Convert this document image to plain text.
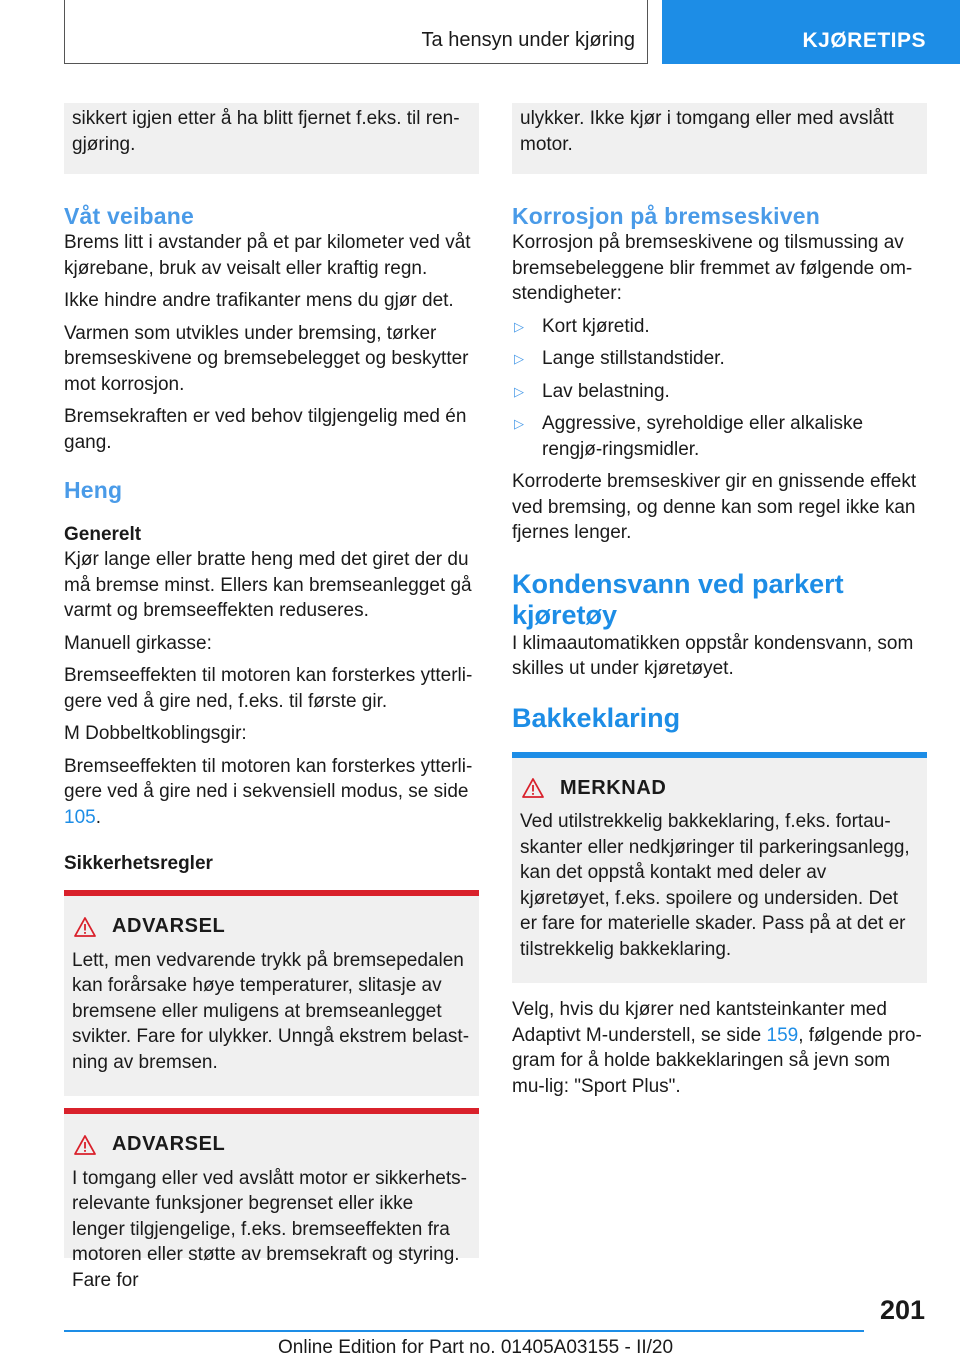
Ta hensyn under kjøring	KJØRETIPS

sikkert igjen etter å ha blitt fjernet f.eks. til ren-gjøring.

Våt veibane

Brems litt i avstander på et par kilometer ved våt kjørebane, bruk av veisalt eller kraftig regn.

Ikke hindre andre trafikanter mens du gjør det.

Varmen som utvikles under bremsing, tørker bremseskivene og bremsebelegget og beskytter mot korrosjon.

Bremsekraften er ved behov tilgjengelig med én gang.

Heng
Generelt

Kjør lange eller bratte heng med det giret der du må bremse minst. Ellers kan bremseanlegget gå varmt og bremseeffekten reduseres.

Manuell girkasse:

Bremseeffekten til motoren kan forsterkes ytterli-gere ved å gire ned, f.eks. til første gir.

M Dobbeltkoblingsgir:

Bremseeffekten til motoren kan forsterkes ytterli-gere ved å gire ned i sekvensiell modus, se side 105.

Sikkerhetsregler
ADVARSEL

Lett, men vedvarende trykk på bremsepedalen kan forårsake høye temperaturer, slitasje av bremsene eller muligens at bremseanlegget svikter. Fare for ulykker. Unngå ekstrem belast-ning av bremsen.

ADVARSEL

I tomgang eller ved avslått motor er sikkerhets-relevante funksjoner begrenset eller ikke lenger tilgjengelige, f.eks. bremseeffekten fra motoren eller støtte av bremsekraft og styring. Fare for

ulykker. Ikke kjør i tomgang eller med avslått motor.

Korrosjon på bremseskiven

Korrosjon på bremseskivene og tilsmussing av bremsebeleggene blir fremmet av følgende om-stendigheter:

▷ Kort kjøretid.
▷ Lange stillstandstider.
▷ Lav belastning.
▷ Aggressive, syreholdige eller alkaliske rengjø-ringsmidler.

Korroderte bremseskiver gir en gnissende effekt ved bremsing, og denne kan som regel ikke kan fjernes lenger.

Kondensvann ved parkert kjøretøy

I klimaautomatikken oppstår kondensvann, som skilles ut under kjøretøyet.

Bakkeklaring
MERKNAD

Ved utilstrekkelig bakkeklaring, f.eks. fortau-skanter eller nedkjøringer til parkeringsanlegg, kan det oppstå kontakt med deler av kjøretøyet, f.eks. spoilere og undersiden. Det er fare for materielle skader. Pass på at det er tilstrekkelig bakkeklaring.

Velg, hvis du kjører ned kantsteinkanter med Adaptivt M-understell, se side 159, følgende pro-gram for å holde bakkeklaringen så jevn som mu-lig: "Sport Plus".

201
Online Edition for Part no. 01405A03155 - II/20
